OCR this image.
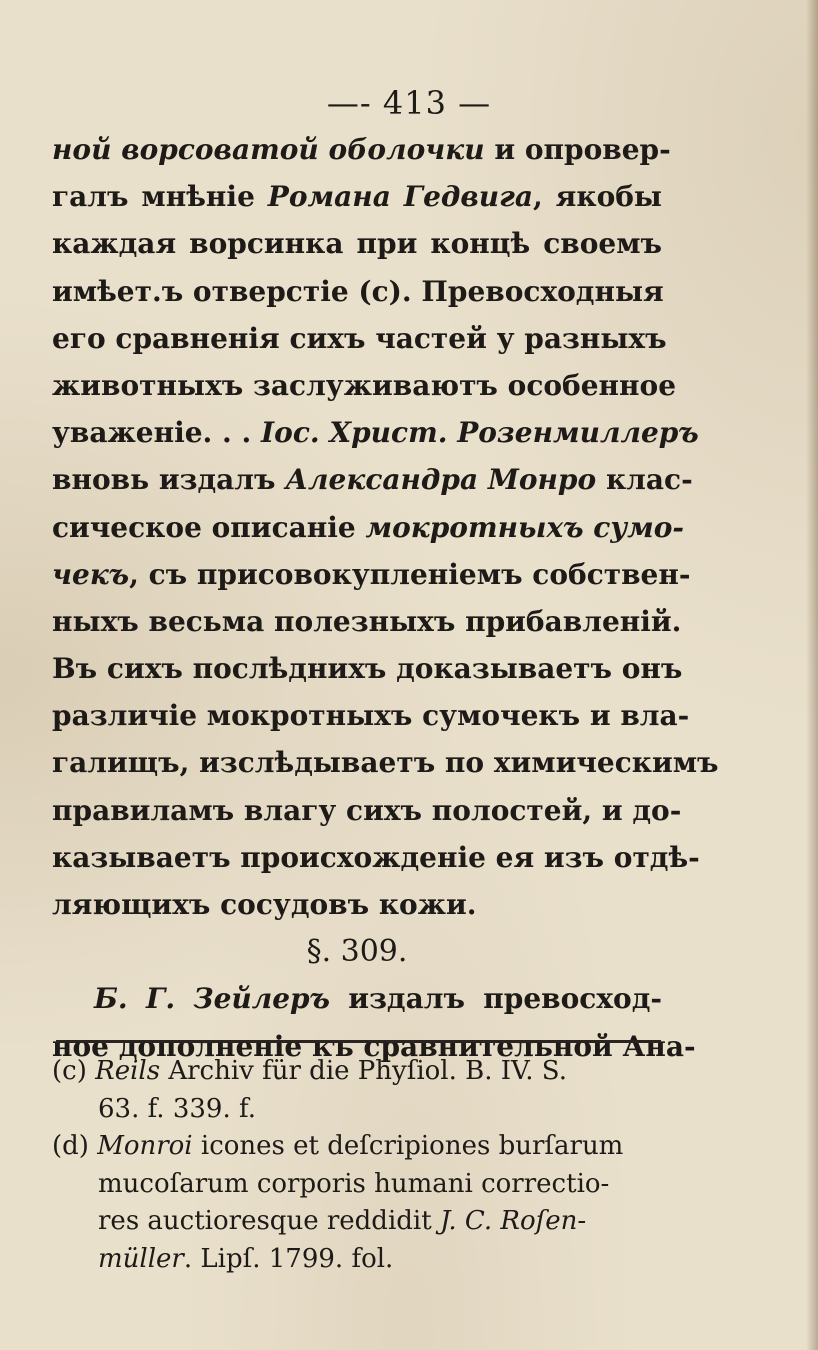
—- 413 —
ной ворсоватой оболочки и опровер-
галъ мнѣніе Романа Гедвига, якобы
каждая ворсинка при концѣ своемъ
имѣет.ъ отверстіе (с). Превосходныя
его сравненія сихъ частей у разныхъ
животныхъ заслуживаютъ особенное
уваженіе. . . Іос. Христ. Розенмиллеръ
вновь издалъ Александра Монро клас-
сическое описаніе мокротныхъ сумо-
чекъ, съ присовокупленіемъ собствен-
ныхъ весьма полезныхъ прибавленій.
Въ сихъ послѣднихъ доказываетъ онъ
различіе мокротныхъ сумочекъ и вла-
галищъ, изслѣдываетъ по химическимъ
правиламъ влагу сихъ полостей, и до-
казываетъ происхожденіе ея изъ отдѣ-
ляющихъ сосудовъ кожи.
§. 309.
Б. Г. Зейлеръ издалъ превосход-
ное дополненіе къ сравнительной Ана-
(c) Reils Archiv für die Phyſiol. B. IV. S.
63. f. 339. f.
(d) Monroi icones et deſcripiones burſarum
mucoſarum corporis humani correctio-
res auctioresque reddidit J. C. Roſen-
müller. Lipſ. 1799. fol.
